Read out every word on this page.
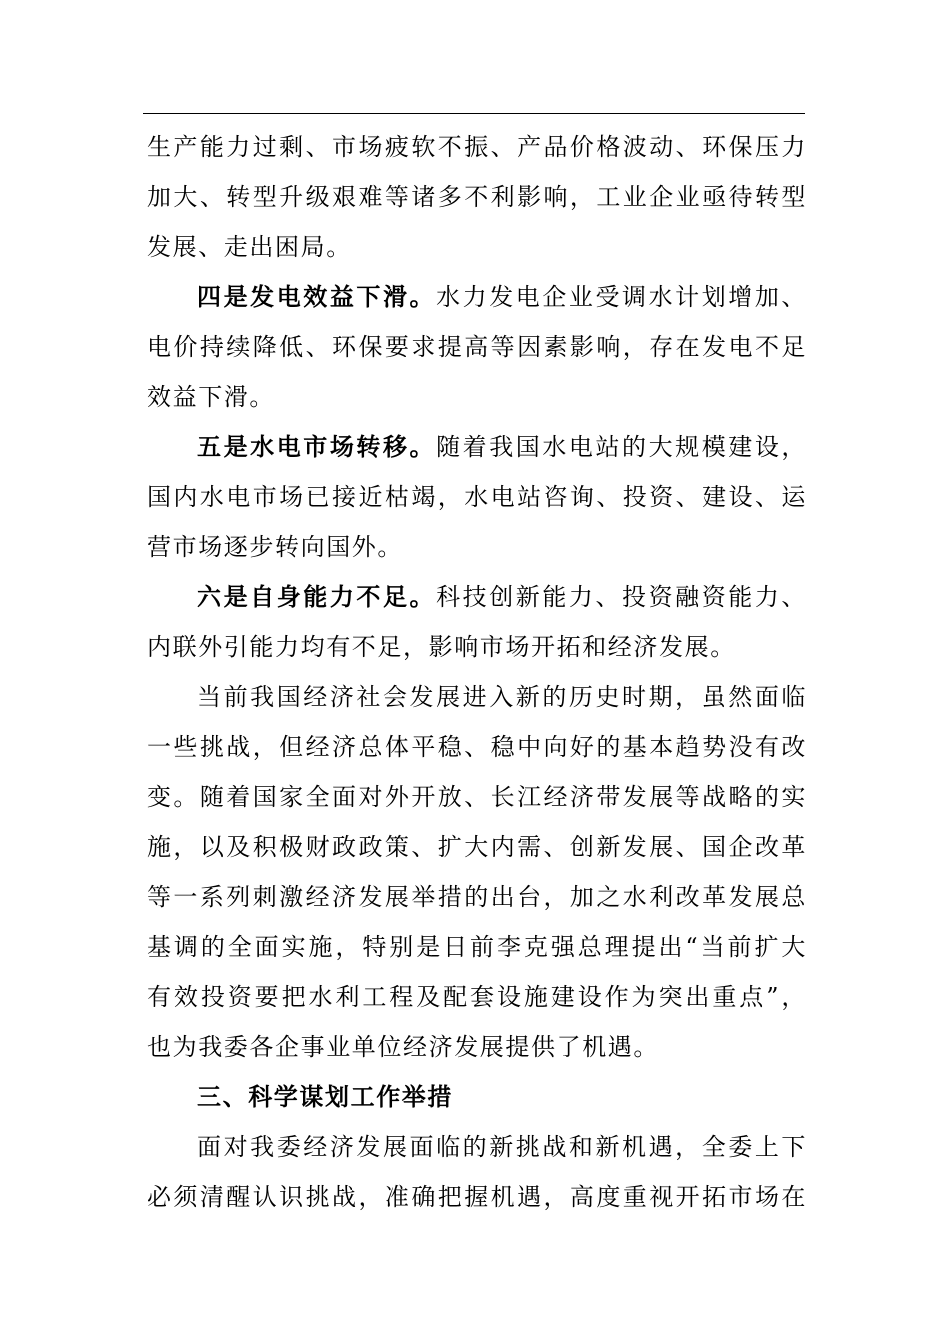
生产能力过剩、市场疲软不振、产品价格波动、环保压力
加大、转型升级艰难等诸多不利影响，工业企业亟待转型
发展、走出困局。
四是发电效益下滑。水力发电企业受调水计划增加、
电价持续降低、环保要求提高等因素影响，存在发电不足
效益下滑。
五是水电市场转移。随着我国水电站的大规模建设，
国内水电市场已接近枯竭，水电站咨询、投资、建设、运
营市场逐步转向国外。
六是自身能力不足。科技创新能力、投资融资能力、
内联外引能力均有不足，影响市场开拓和经济发展。
当前我国经济社会发展进入新的历史时期，虽然面临
一些挑战，但经济总体平稳、稳中向好的基本趋势没有改
变。随着国家全面对外开放、长江经济带发展等战略的实
施，以及积极财政政策、扩大内需、创新发展、国企改革
等一系列刺激经济发展举措的出台，加之水利改革发展总
基调的全面实施，特别是日前李克强总理提出“当前扩大
有效投资要把水利工程及配套设施建设作为突出重点”，
也为我委各企事业单位经济发展提供了机遇。
三、科学谋划工作举措
面对我委经济发展面临的新挑战和新机遇，全委上下
必须清醒认识挑战，准确把握机遇，高度重视开拓市场在
